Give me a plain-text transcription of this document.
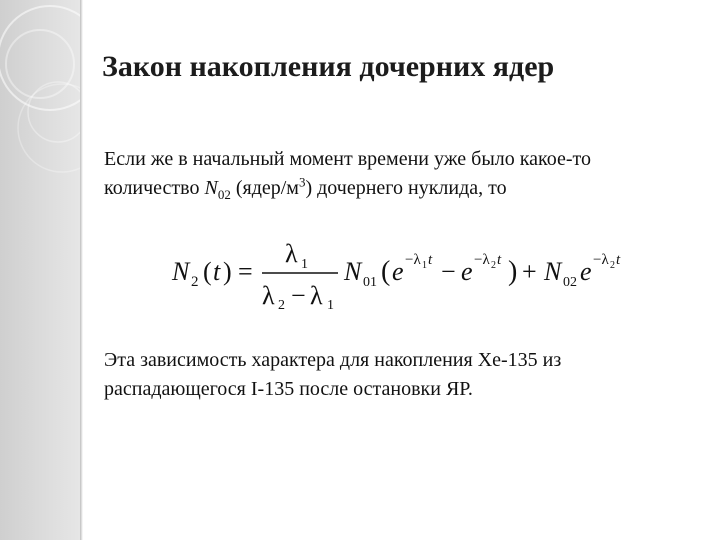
Закон накопления дочерних ядер
Если же в начальный момент времени уже было какое-то
количество $N_{02}$ $(ядер/м^3)$ дочернего нуклида, то
N 2 ( t ) =
λ 1
λ 2 − λ 1
N 01 ( e −λ 1 t − e −λ 2 t ) + N 02 e −λ 2 t
Эта зависимость характера для накопления Xe-135 из
распадающегося I-135 после остановки ЯР.
